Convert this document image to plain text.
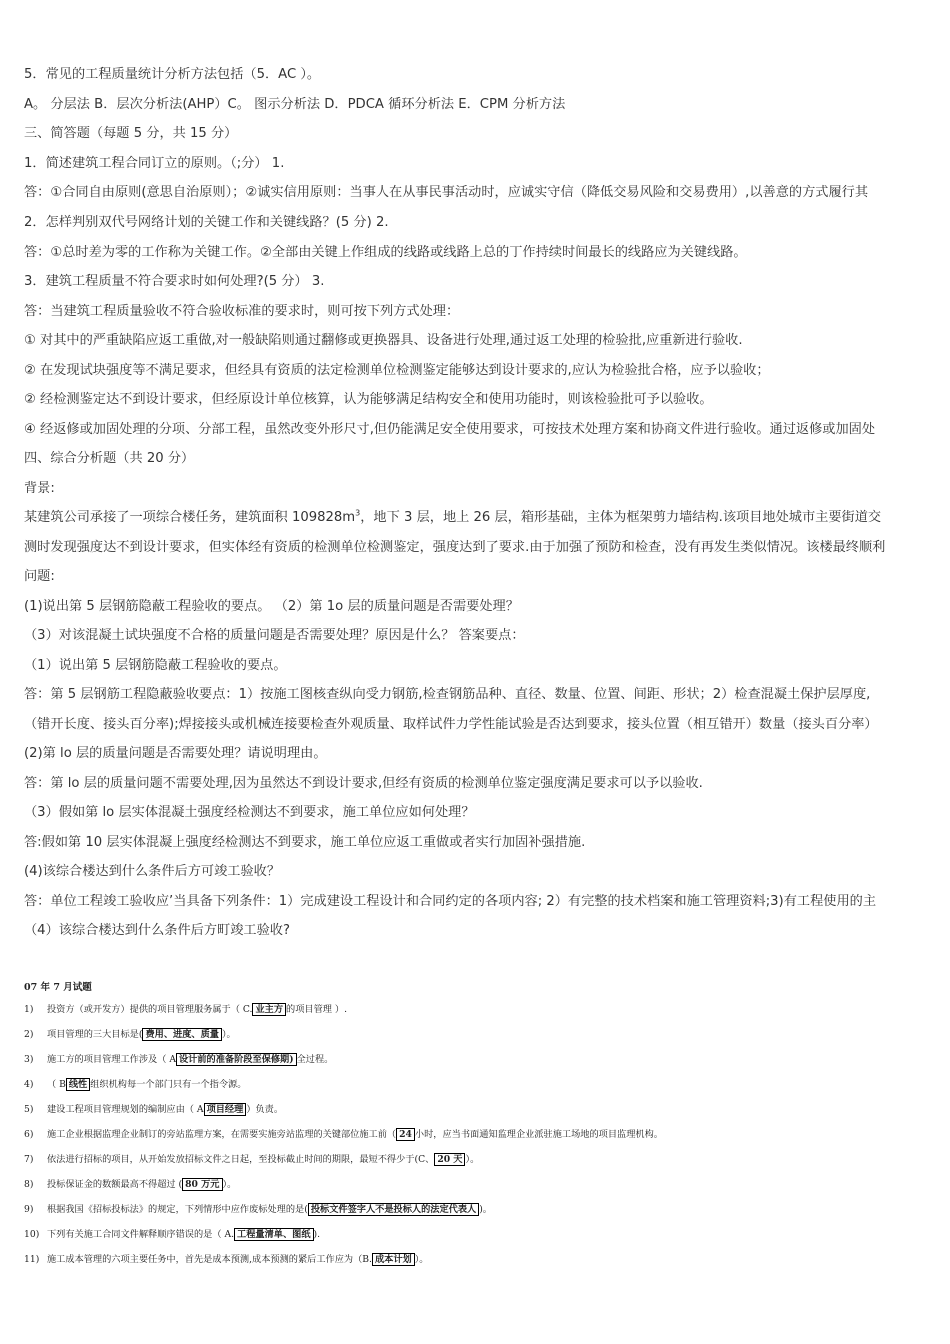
5．常见的工程质量统计分析方法包括（5．AC ）。
A。 分层法 B．层次分析法(AHP）C。 图示分析法 D．PDCA 循环分析法 E．CPM 分析方法
三、简答题（每题 5 分，共 15 分）
1．简述建筑工程合同订立的原则。（;分） 1.
答：①合同自由原则(意思自治原则）；②诚实信用原则：当事人在从事民事活动时，应诚实守信（降低交易风险和交易费用）,以善意的方式履行其
2．怎样判别双代号网络计划的关键工作和关键线路？(5 分) 2.
答：①总时差为零的工作称为关键工作。②全部由关键上作组成的线路或线路上总的丁作持续时间最长的线路应为关键线路。
3．建筑工程质量不符合要求时如何处理?(5 分） 3.
答：当建筑工程质量验收不符合验收标准的要求时，则可按下列方式处理：
① 对其中的严重缺陷应返工重做,对一般缺陷则通过翻修或更换器具、设备进行处理,通过返工处理的检验批,应重新进行验收.
② 在发现试块强度等不满足要求，但经具有资质的法定检测单位检测鉴定能够达到设计要求的,应认为检验批合格，应予以验收；
② 经检测鉴定达不到设计要求，但经原设计单位核算，认为能够满足结构安全和使用功能时，则该检验批可予以验收。
④ 经返修或加固处理的分项、分部工程，虽然改变外形尺寸,但仍能满足安全使用要求，可按技术处理方案和协商文件进行验收。通过返修或加固处
四、综合分析题（共 20 分）
背景:
某建筑公司承接了一项综合楼任务，建筑面积 $109828m^3$，地下 3 层，地上 26 层，箱形基础，主体为框架剪力墙结构.该项目地处城市主要街道交
测时发现强度达不到设计要求，但实体经有资质的检测单位检测鉴定，强度达到了要求.由于加强了预防和检查，没有再发生类似情况。该楼最终顺利
问题:
(1)说出第 5 层钢筋隐蔽工程验收的要点。 （2）第 1o 层的质量问题是否需要处理？
（3）对该混凝土试块强度不合格的质量问题是否需要处理？原因是什么？ 答案要点：
（1）说出第 5 层钢筋隐蔽工程验收的要点。
答：第 5 层钢筋工程隐蔽验收要点：1）按施工图核查纵向受力钢筋,检查钢筋品种、直径、数量、位置、间距、形状；2）检查混凝土保护层厚度,
（错开长度、接头百分率);焊接接头或机械连接要检查外观质量、取样试件力学性能试验是否达到要求，接头位置（相互错开）数量（接头百分率）
(2)第 lo 层的质量问题是否需要处理？请说明理由。
答：第 lo 层的质量问题不需要处理,因为虽然达不到设计要求,但经有资质的检测单位鉴定强度满足要求可以予以验收.
（3）假如第 lo 层实体混凝土强度经检测达不到要求，施工单位应如何处理？
答:假如第 10 层实体混凝上强度经检测达不到要求，施工单位应返工重做或者实行加固补强措施.
(4)该综合楼达到什么条件后方可竣工验收？
答：单位工程竣工验收应’当具备下列条件：1）完成建设工程设计和合同约定的各项内容; 2）有完整的技术档案和施工管理资料;3)有工程使用的主
（4）该综合楼达到什么条件后方町竣工验收?
07 年 7 月试题
1) 投资方（或开发方）提供的项目管理服务属于（ C. 业主方 的项目管理 ）.
2) 项目管理的三大目标是( 费用、进度、质量 ）。
3) 施工方的项目管理工作涉及（ A 设计前的准备阶段至保修期) 全过程。
4) （ B 线性 组织机构每一个部门只有一个指令源。
5) 建设工程项目管理规划的编制应由（ A 项目经理 ）负责。
6) 施工企业根据监理企业制订的旁站监理方案，在需要实施旁站监理的关键部位施工前（ 24 小时，应当书面通知监理企业派驻施工场地的项目监理机构。
7) 依法进行招标的项目，从开始发放招标文件之日起，至投标截止时间的期限，最短不得少于(C、 20 天 ）。
8) 投标保证金的数额最高不得超过 ( 80 万元 ）。
9) 根据我国《招标投标法》的规定，下列情形中应作废标处理的是( 投标文件签字人不是投标人的法定代表人 )。
10) 下列有关施工合同文件解释顺序错误的是（ A. 工程量清单、图纸 ).
11) 施工成本管理的六项主要任务中，首先是成本预测,成本预测的紧后工作应为（B. 成本计划 ）。
